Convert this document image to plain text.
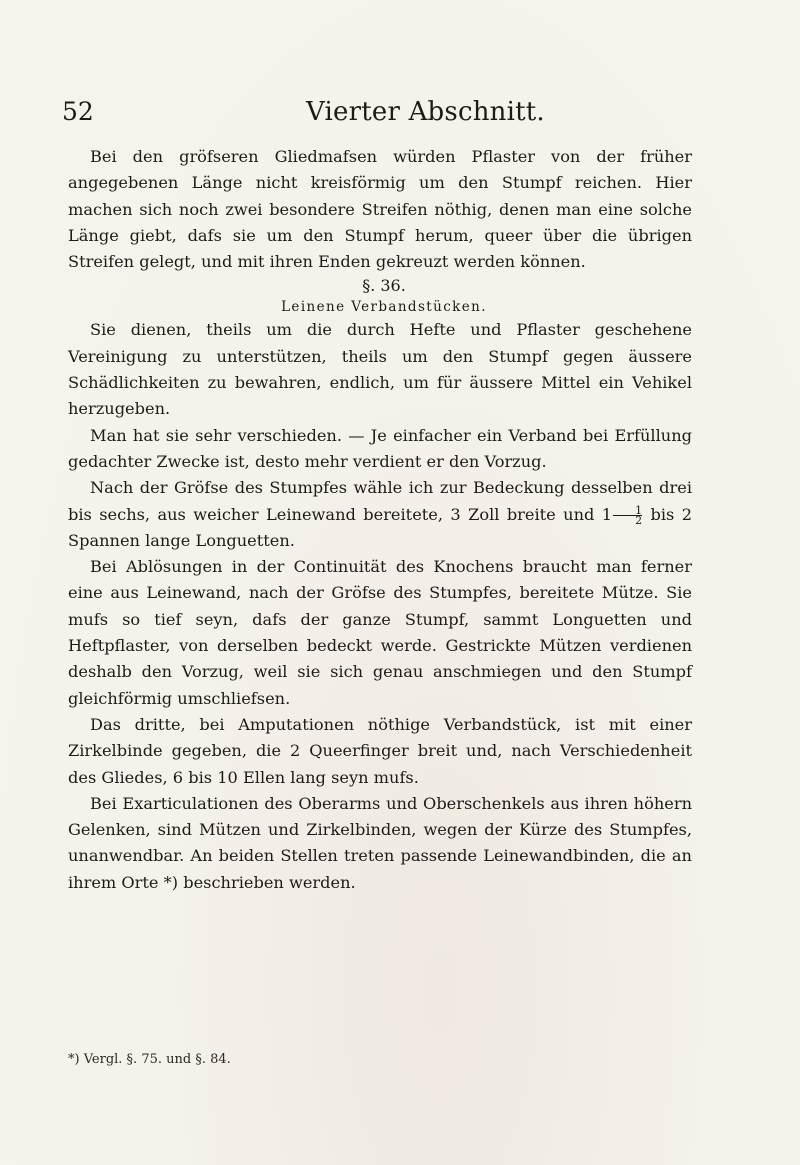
52	Vierter Abschnitt.

Bei den gröfseren Gliedmafsen würden Pflaster von der früher angegebenen Länge nicht kreisförmig um den Stumpf reichen. Hier machen sich noch zwei besondere Streifen nöthig, denen man eine solche Länge giebt, dafs sie um den Stumpf herum, queer über die übrigen Streifen gelegt, und mit ihren Enden gekreuzt werden können.

§. 36.

Leinene Verbandstücken.

Sie dienen, theils um die durch Hefte und Pflaster geschehene Vereinigung zu unterstützen, theils um den Stumpf gegen äussere Schädlichkeiten zu bewahren, endlich, um für äussere Mittel ein Vehikel herzugeben.

Man hat sie sehr verschieden. — Je einfacher ein Verband bei Erfüllung gedachter Zwecke ist, desto mehr verdient er den Vorzug.

Nach der Gröfse des Stumpfes wähle ich zur Bedeckung desselben drei bis sechs, aus weicher Leinewand bereitete, 3 Zoll breite und $1 \frac{1}{2}$ bis 2 Spannen lange Longuetten.

Bei Ablösungen in der Continuität des Knochens braucht man ferner eine aus Leinewand, nach der Gröfse des Stumpfes, bereitete Mütze. Sie mufs so tief seyn, dafs der ganze Stumpf, sammt Longuetten und Heftpflaster, von derselben bedeckt werde. Gestrickte Mützen verdienen deshalb den Vorzug, weil sie sich genau anschmiegen und den Stumpf gleichförmig umschliefsen.

Das dritte, bei Amputationen nöthige Verbandstück, ist mit einer Zirkelbinde gegeben, die 2 Queerfinger breit und, nach Verschiedenheit des Gliedes, 6 bis 10 Ellen lang seyn mufs.

Bei Exarticulationen des Oberarms und Oberschenkels aus ihren höhern Gelenken, sind Mützen und Zirkelbinden, wegen der Kürze des Stumpfes, unanwendbar. An beiden Stellen treten passende Leinewandbinden, die an ihrem Orte *) beschrieben werden.

*) Vergl. §. 75. und §. 84.
